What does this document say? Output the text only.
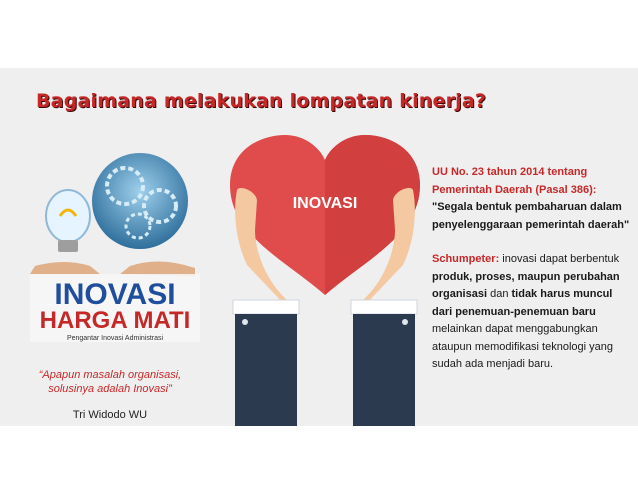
Bagaimana melakukan lompatan kinerja?
INOVASI
HARGA MATI
Pengantar Inovasi Administrasi
“Apapun masalah organisasi, solusinya adalah Inovasi”
Tri Widodo WU
INOVASI
UU No. 23 tahun 2014 tentang Pemerintah Daerah (Pasal 386):
"Segala bentuk pembaharuan dalam penyelenggaraan pemerintah daerah"
Schumpeter: inovasi dapat berbentuk produk, proses, maupun perubahan organisasi dan tidak harus muncul dari penemuan-penemuan baru melainkan dapat menggabungkan ataupun memodifikasi teknologi yang sudah ada menjadi baru.
